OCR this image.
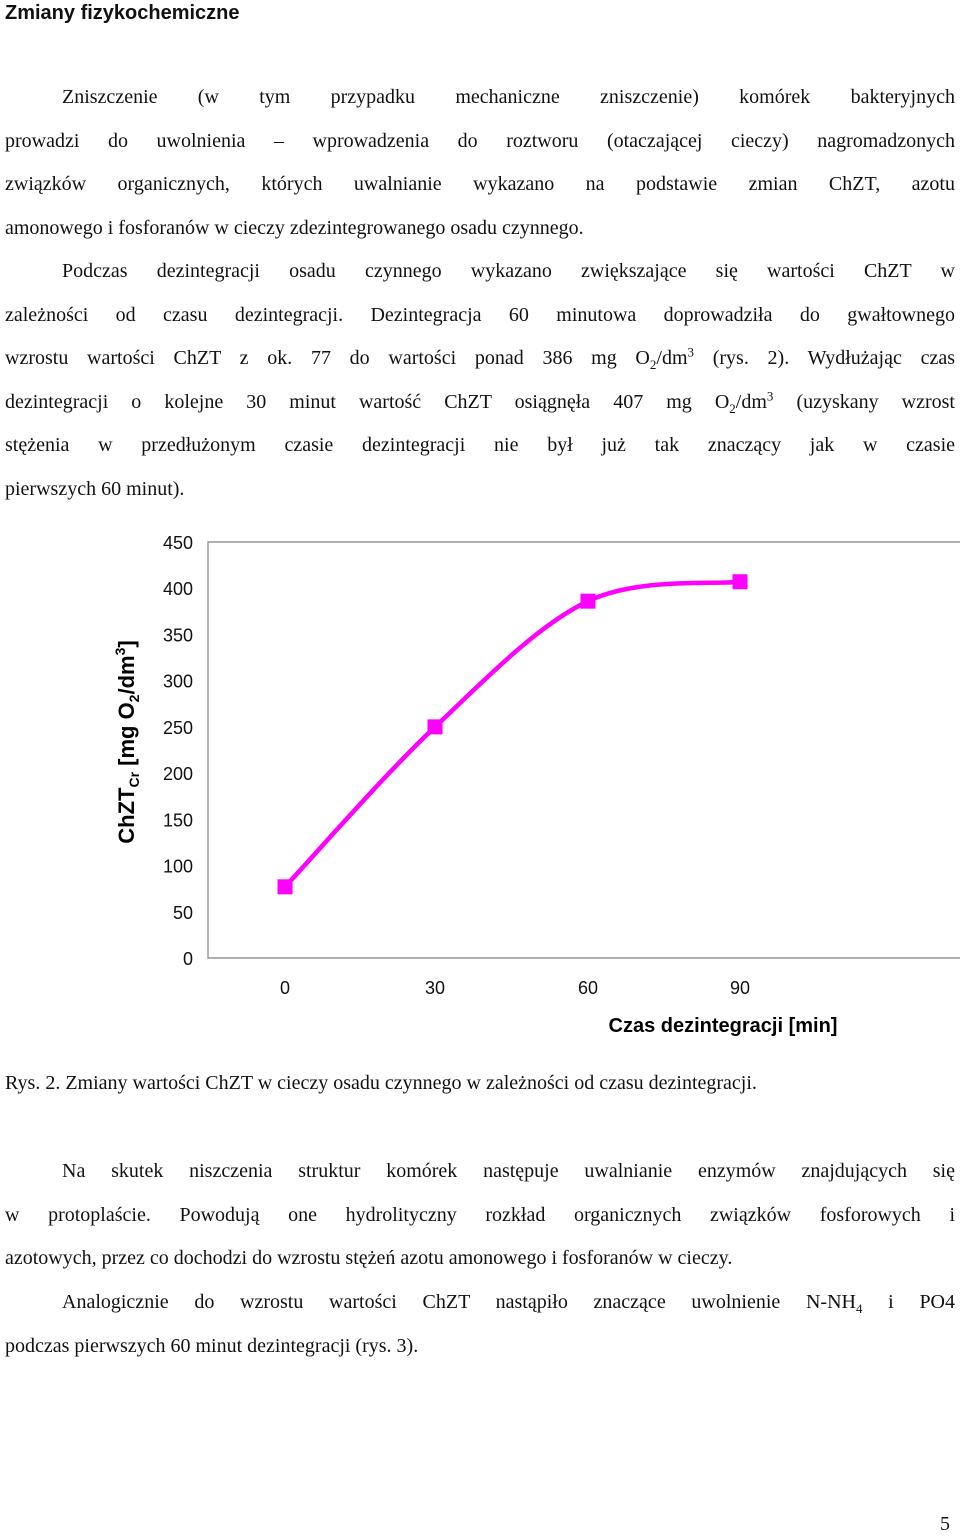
Zmiany fizykochemiczne
Zniszczenie (w tym przypadku mechaniczne zniszczenie) komórek bakteryjnych
prowadzi do uwolnienia – wprowadzenia do roztworu (otaczającej cieczy) nagromadzonych
związków organicznych, których uwalnianie wykazano na podstawie zmian ChZT, azotu
amonowego i fosforanów w cieczy zdezintegrowanego osadu czynnego.
Podczas dezintegracji osadu czynnego wykazano zwiększające się wartości ChZT w
zależności od czasu dezintegracji. Dezintegracja 60 minutowa doprowadziła do gwałtownego
wzrostu wartości ChZT z ok. 77 do wartości ponad 386 mg $O_2/dm^3$ (rys. 2). Wydłużając czas
dezintegracji o kolejne 30 minut wartość ChZT osiągnęła 407 mg $O_2/dm^3$ (uzyskany wzrost
stężenia w przedłużonym czasie dezintegracji nie był już tak znaczący jak w czasie
pierwszych 60 minut).
450
400
350
300
250
200
150
100
50
0
0	30	60	90
Czas dezintegracji [min]
ChZT$_{Cr}$ [mg $O_2/dm^3$]
Rys. 2. Zmiany wartości ChZT w cieczy osadu czynnego w zależności od czasu dezintegracji.
Na skutek niszczenia struktur komórek następuje uwalnianie enzymów znajdujących się
w protoplaście. Powodują one hydrolityczny rozkład organicznych związków fosforowych i
azotowych, przez co dochodzi do wzrostu stężeń azotu amonowego i fosforanów w cieczy.
Analogicznie do wzrostu wartości ChZT nastąpiło znaczące uwolnienie $N-NH_4$ i PO4
podczas pierwszych 60 minut dezintegracji (rys. 3).
5
